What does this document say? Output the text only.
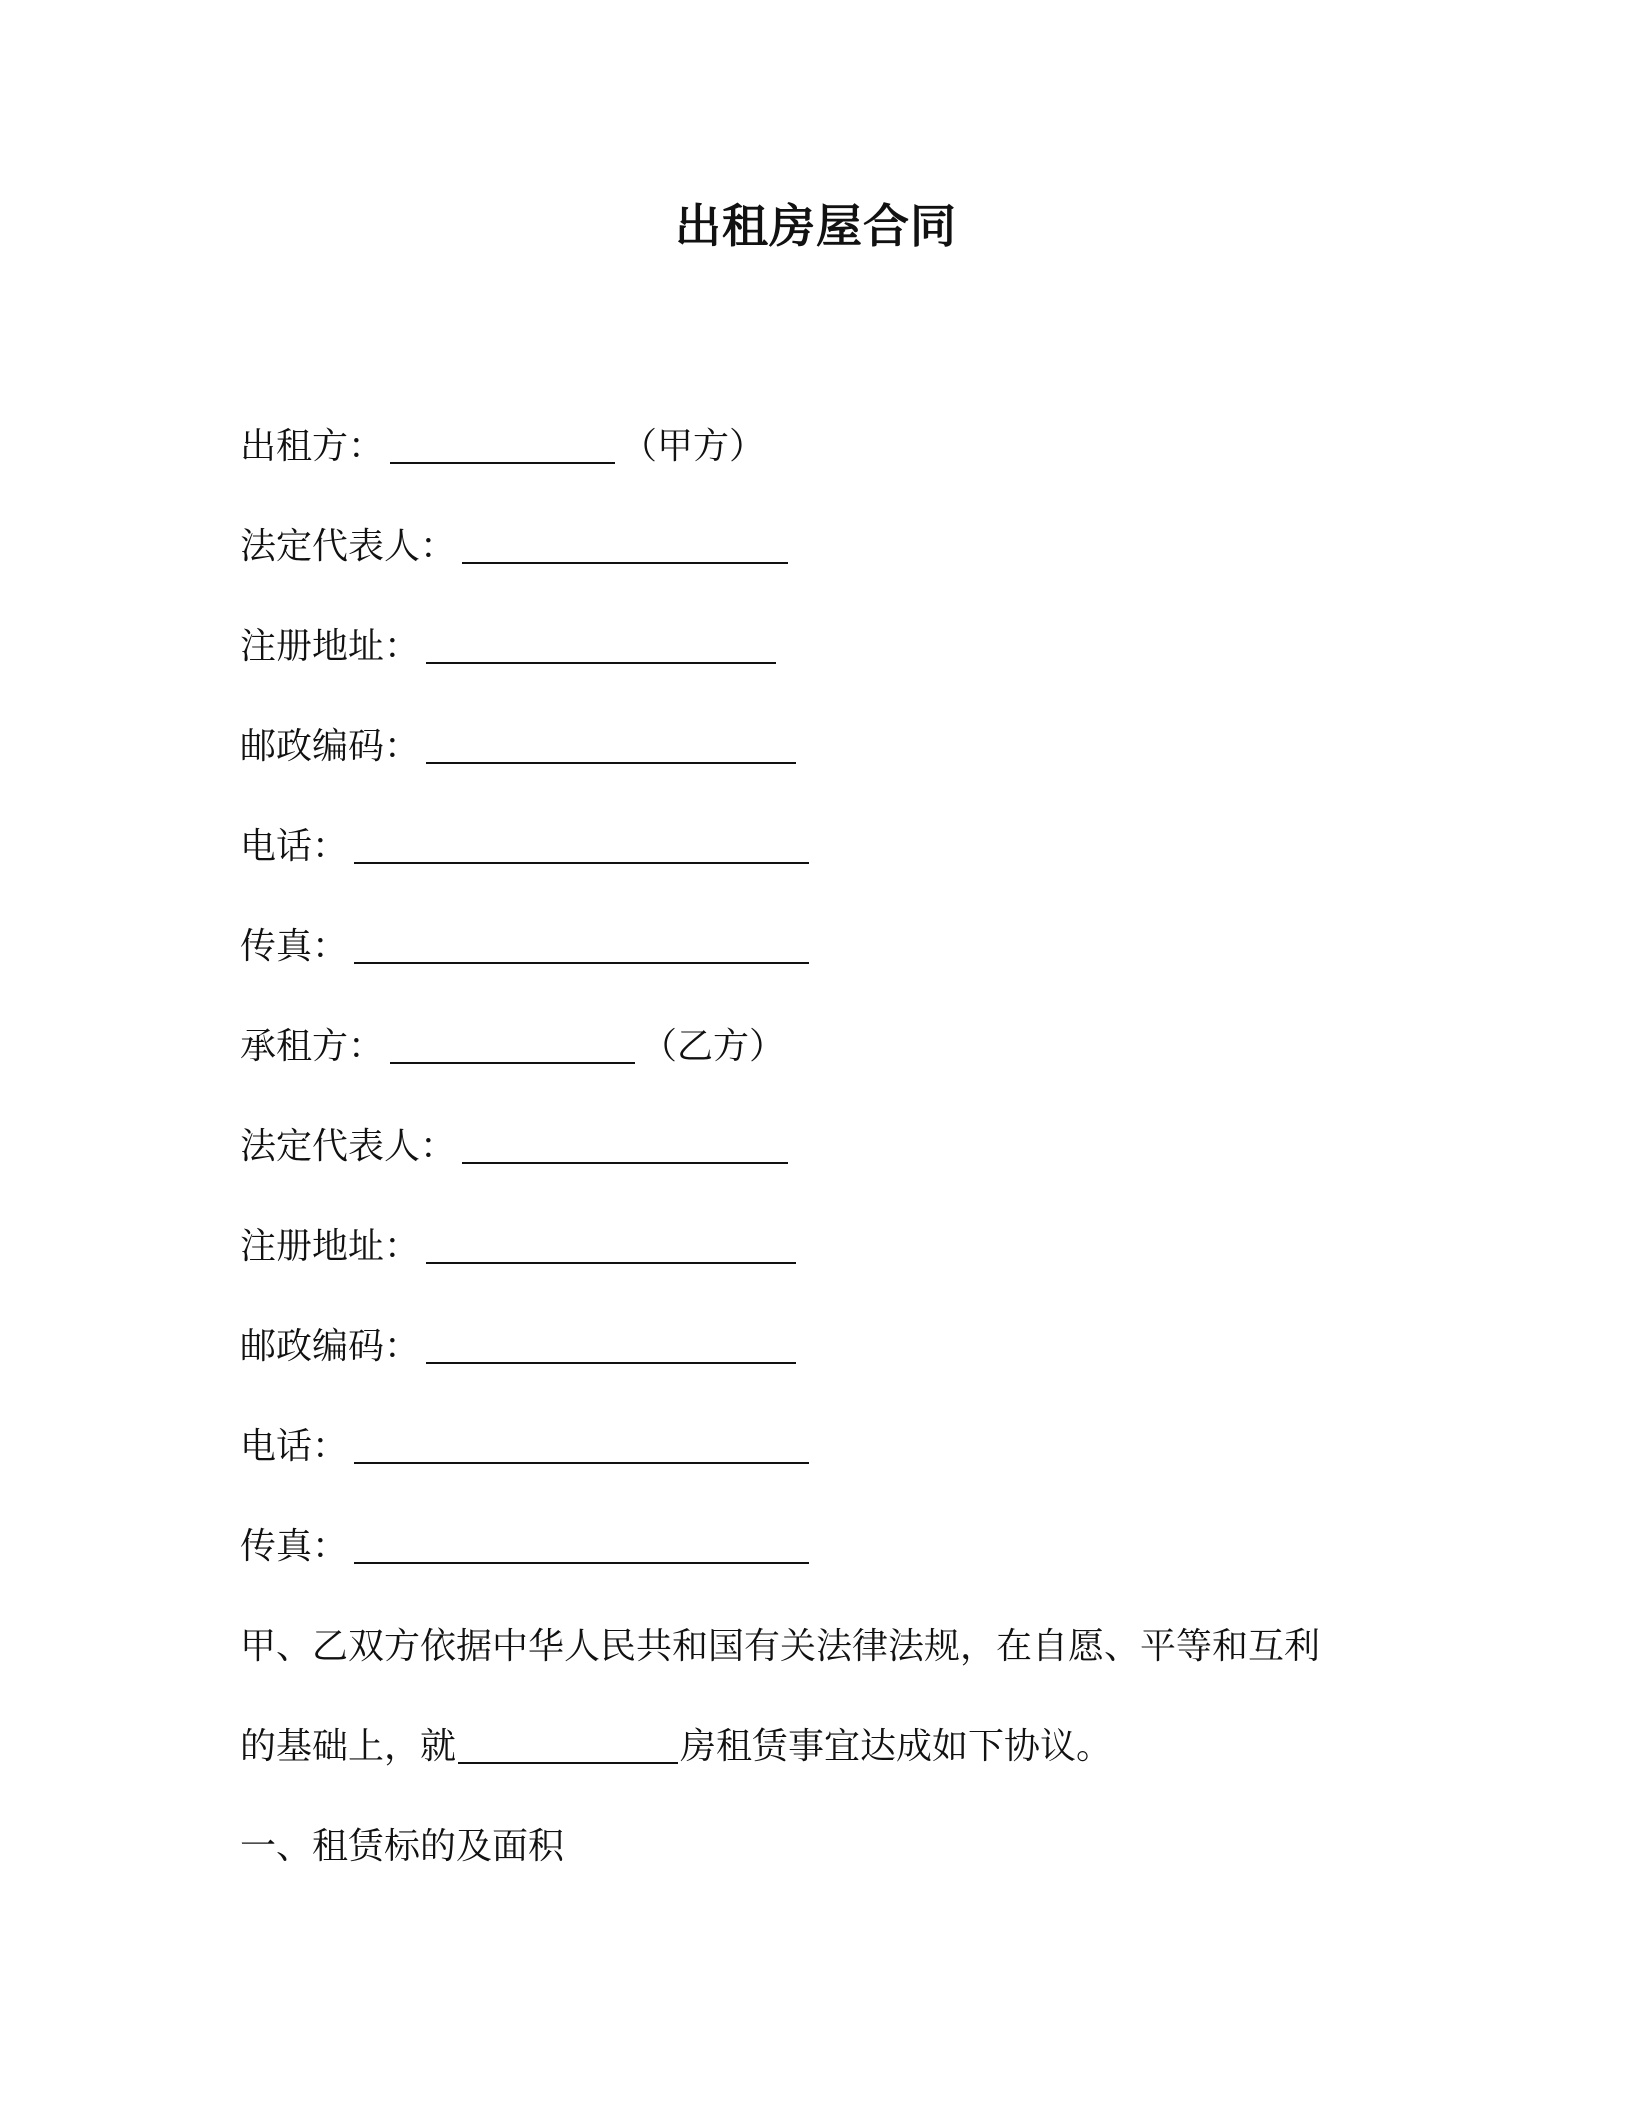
出租房屋合同
出租方：	（甲方）
法定代表人：
注册地址：
邮政编码：
电话：
传真：
承租方：	（乙方）
法定代表人：
注册地址：
邮政编码：
电话：
传真：
甲、乙双方依据中华人民共和国有关法律法规，在自愿、平等和互利
的基础上，就	房租赁事宜达成如下协议。
一、租赁标的及面积
